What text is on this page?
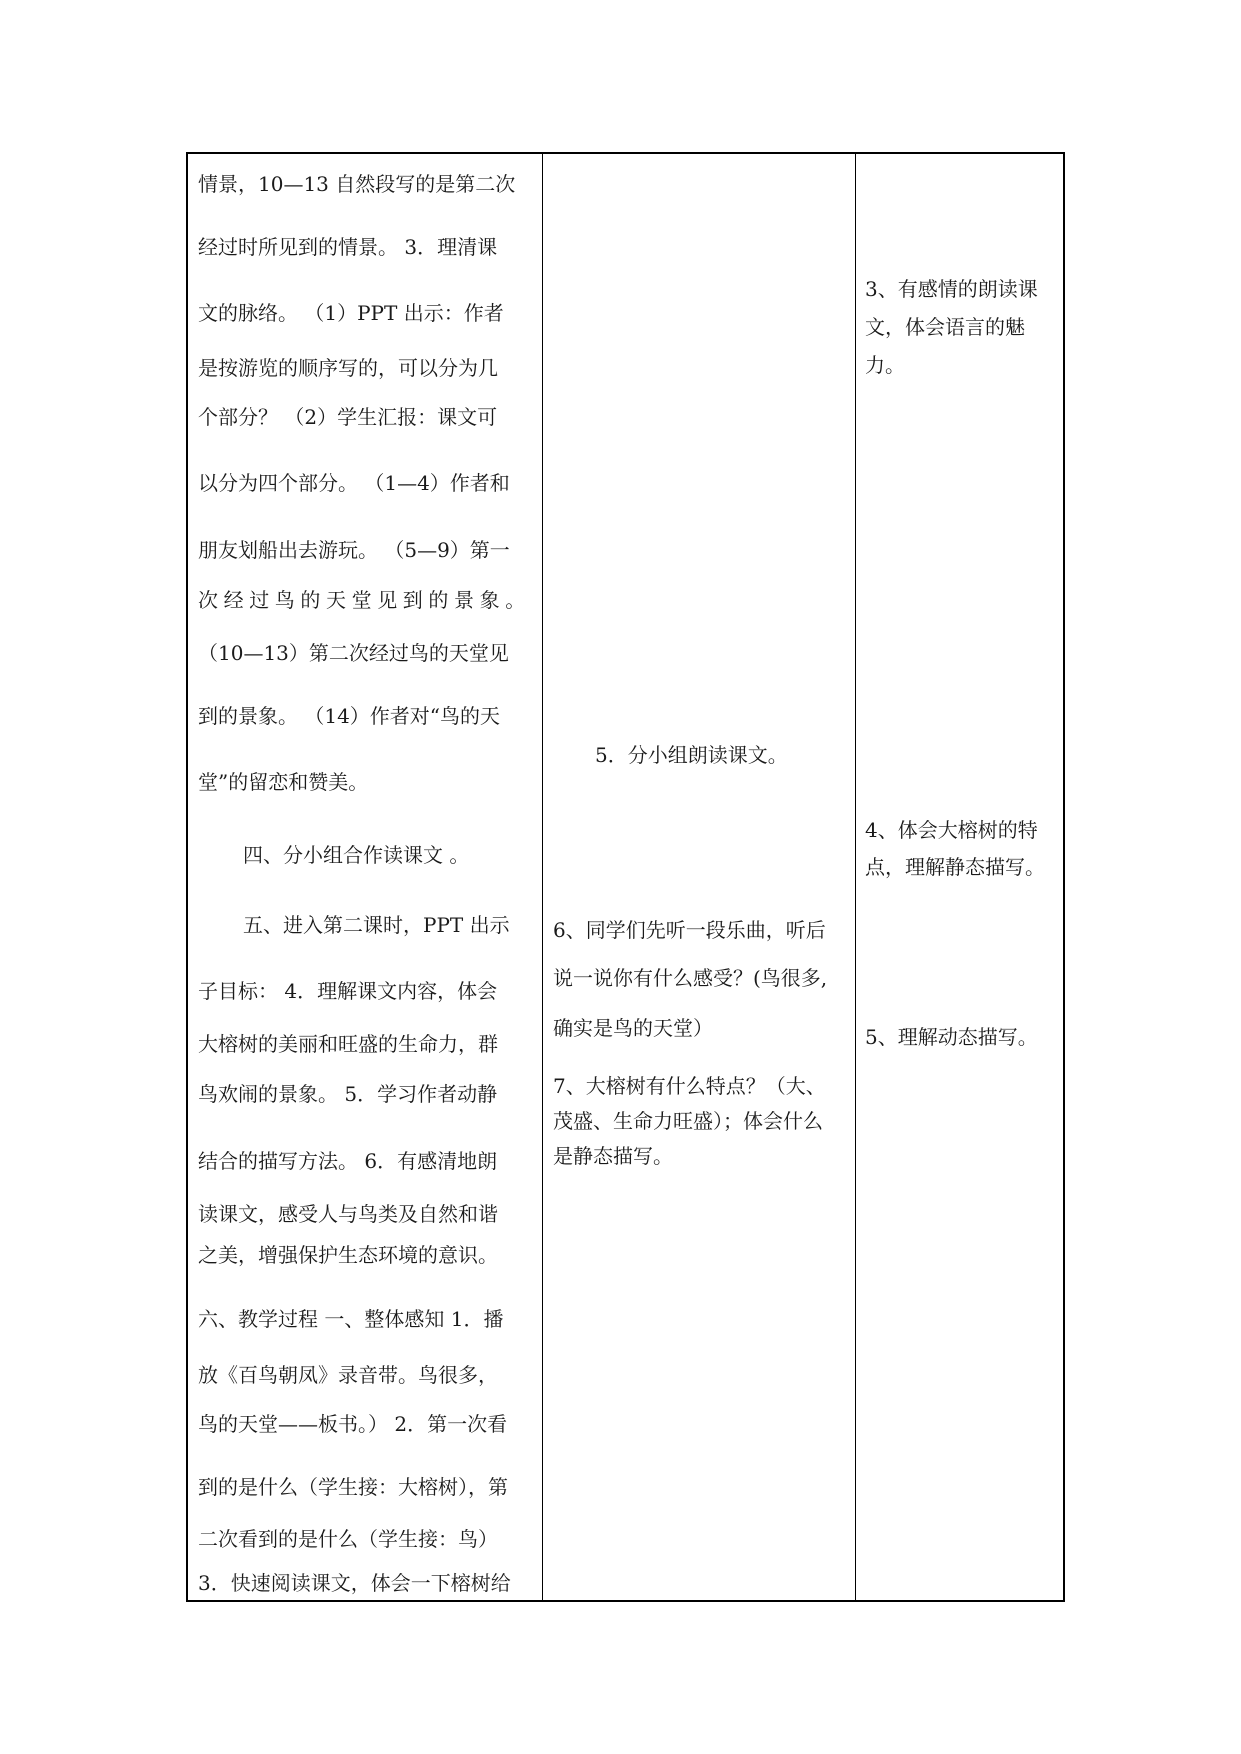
情景，10—13 自然段写的是第二次
经过时所见到的情景。 3．理清课
文的脉络。 （1）PPT 出示：作者
是按游览的顺序写的，可以分为几
个部分？ （2）学生汇报：课文可
以分为四个部分。 （1—4）作者和
朋友划船出去游玩。 （5—9）第一
次经过鸟的天堂见到的景象。
（10—13）第二次经过鸟的天堂见
到的景象。 （14）作者对“鸟的天
堂”的留恋和赞美。
四、分小组合作读课文 。
五、进入第二课时，PPT 出示
子目标： 4．理解课文内容，体会
大榕树的美丽和旺盛的生命力，群
鸟欢闹的景象。 5．学习作者动静
结合的描写方法。 6．有感清地朗
读课文，感受人与鸟类及自然和谐
之美，增强保护生态环境的意识。
六、教学过程 一、整体感知 1．播
放《百鸟朝凤》录音带。鸟很多，
鸟的天堂——板书。） 2．第一次看
到的是什么（学生接：大榕树），第
二次看到的是什么（学生接：鸟）
3．快速阅读课文，体会一下榕树给
5．分小组朗读课文。
6、同学们先听一段乐曲，听后
说一说你有什么感受？(鸟很多,
确实是鸟的天堂）
7、大榕树有什么特点？（大、
茂盛、生命力旺盛）；体会什么
是静态描写。
3、有感情的朗读课
文，体会语言的魅
力。
4、体会大榕树的特
点，理解静态描写。
5、理解动态描写。
